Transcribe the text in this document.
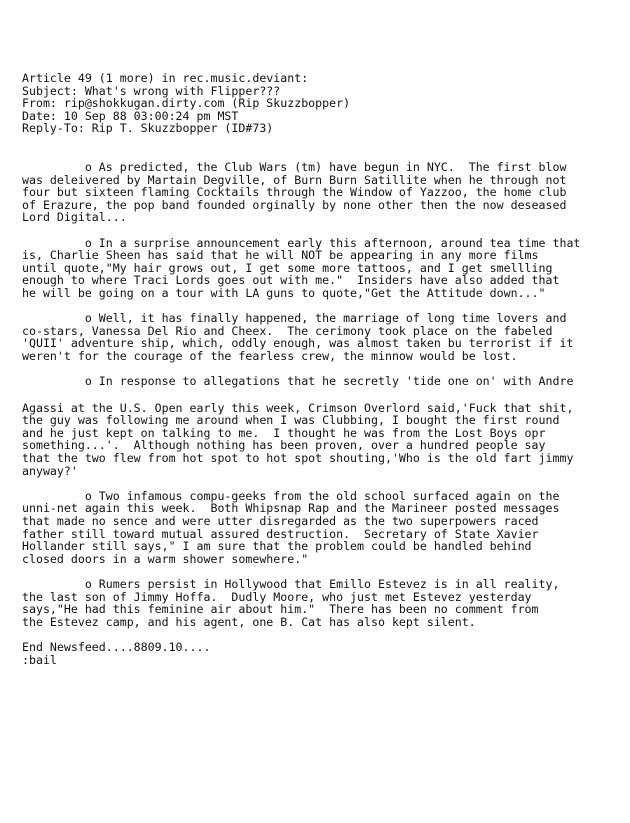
Article 49 (1 more) in rec.music.deviant:
Subject: What's wrong with Flipper???
From: rip@shokkugan.dirty.com (Rip Skuzzbopper)
Date: 10 Sep 88 03:00:24 pm MST
Reply-To: Rip T. Skuzzbopper (ID#73)
o As predicted, the Club Wars (tm) have begun in NYC.  The first blow
was deleivered by Martain Degville, of Burn Burn Satillite when he through not
four but sixteen flaming Cocktails through the Window of Yazzoo, the home club
of Erazure, the pop band founded orginally by none other then the now deseased
Lord Digital...
o In a surprise announcement early this afternoon, around tea time that
is, Charlie Sheen has said that he will NOT be appearing in any more films
until quote,"My hair grows out, I get some more tattoos, and I get smellling
enough to where Traci Lords goes out with me."  Insiders have also added that
he will be going on a tour with LA guns to quote,"Get the Attitude down..."
o Well, it has finally happened, the marriage of long time lovers and
co-stars, Vanessa Del Rio and Cheex.  The cerimony took place on the fabeled
'QUII' adventure ship, which, oddly enough, was almost taken bu terrorist if it
weren't for the courage of the fearless crew, the minnow would be lost.
o In response to allegations that he secretly 'tide one on' with Andre
Agassi at the U.S. Open early this week, Crimson Overlord said,'Fuck that shit,
the guy was following me around when I was Clubbing, I bought the first round
and he just kept on talking to me.  I thought he was from the Lost Boys opr
something...'.  Although nothing has been proven, over a hundred people say
that the two flew from hot spot to hot spot shouting,'Who is the old fart jimmy
anyway?'
o Two infamous compu-geeks from the old school surfaced again on the
unni-net again this week.  Both Whipsnap Rap and the Marineer posted messages
that made no sence and were utter disregarded as the two superpowers raced
father still toward mutual assured destruction.  Secretary of State Xavier
Hollander still says," I am sure that the problem could be handled behind
closed doors in a warm shower somewhere."
o Rumers persist in Hollywood that Emillo Estevez is in all reality,
the last son of Jimmy Hoffa.  Dudly Moore, who just met Estevez yesterday
says,"He had this feminine air about him."  There has been no comment from
the Estevez camp, and his agent, one B. Cat has also kept silent.
End Newsfeed....8809.10....
:bail
